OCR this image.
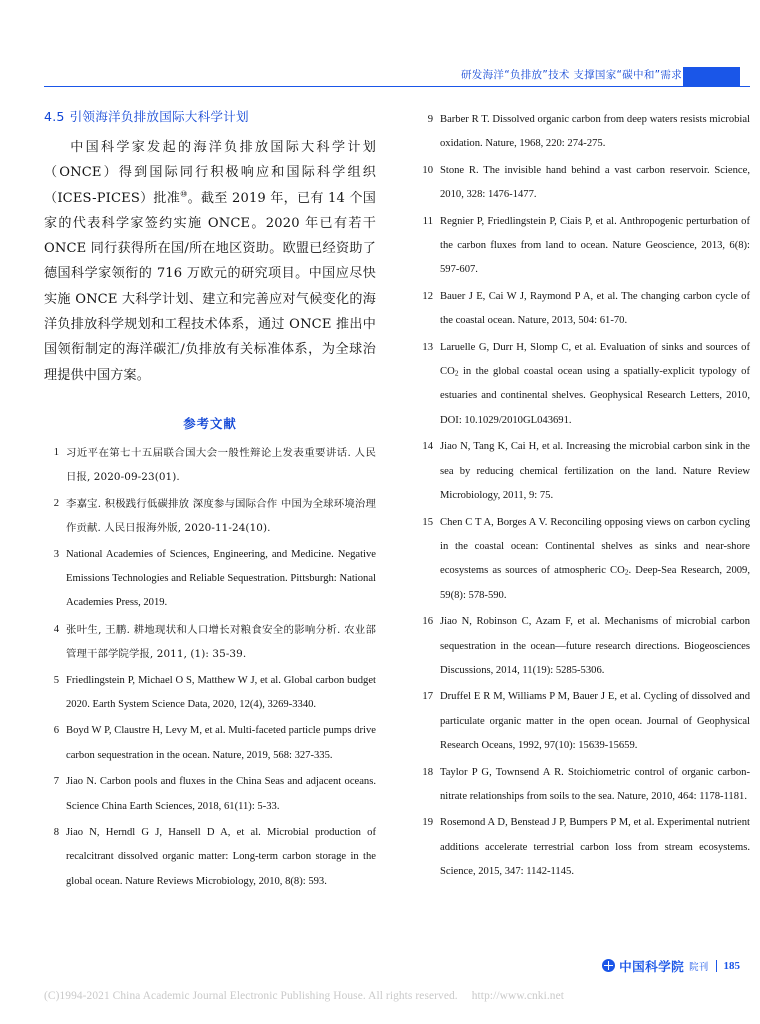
研发海洋“负排放”技术 支撑国家“碳中和”需求
4.5 引领海洋负排放国际大科学计划

中国科学家发起的海洋负排放国际大科学计划（ONCE）得到国际同行积极响应和国际科学组织（ICES-PICES）批准⑩。截至 2019 年，已有 14 个国家的代表科学家签约实施 ONCE。2020 年已有若干 ONCE 同行获得所在国/所在地区资助。欧盟已经资助了德国科学家领衔的 716 万欧元的研究项目。中国应尽快实施 ONCE 大科学计划、建立和完善应对气候变化的海洋负排放科学规划和工程技术体系，通过 ONCE 推出中国领衔制定的海洋碳汇/负排放有关标准体系，为全球治理提供中国方案。

参考文献
1 习近平在第七十五届联合国大会一般性辩论上发表重要讲话. 人民日报, 2020-09-23(01).
2 李嘉宝. 积极践行低碳排放 深度参与国际合作 中国为全球环境治理作贡献. 人民日报海外版, 2020-11-24(10).
3 National Academies of Sciences, Engineering, and Medicine. Negative Emissions Technologies and Reliable Sequestration. Pittsburgh: National Academies Press, 2019.
4 张叶生, 王鹏. 耕地现状和人口增长对粮食安全的影响分析. 农业部管理干部学院学报, 2011, (1): 35-39.
5 Friedlingstein P, Michael O S, Matthew W J, et al. Global carbon budget 2020. Earth System Science Data, 2020, 12(4), 3269-3340.
6 Boyd W P, Claustre H, Levy M, et al. Multi-faceted particle pumps drive carbon sequestration in the ocean. Nature, 2019, 568: 327-335.
7 Jiao N. Carbon pools and fluxes in the China Seas and adjacent oceans. Science China Earth Sciences, 2018, 61(11): 5-33.
8 Jiao N, Herndl G J, Hansell D A, et al. Microbial production of recalcitrant dissolved organic matter: Long-term carbon storage in the global ocean. Nature Reviews Microbiology, 2010, 8(8): 593.
9 Barber R T. Dissolved organic carbon from deep waters resists microbial oxidation. Nature, 1968, 220: 274-275.
10 Stone R. The invisible hand behind a vast carbon reservoir. Science, 2010, 328: 1476-1477.
11 Regnier P, Friedlingstein P, Ciais P, et al. Anthropogenic perturbation of the carbon fluxes from land to ocean. Nature Geoscience, 2013, 6(8): 597-607.
12 Bauer J E, Cai W J, Raymond P A, et al. The changing carbon cycle of the coastal ocean. Nature, 2013, 504: 61-70.
13 Laruelle G, Durr H, Slomp C, et al. Evaluation of sinks and sources of $CO_2$ in the global coastal ocean using a spatially-explicit typology of estuaries and continental shelves. Geophysical Research Letters, 2010, DOI: 10.1029/2010GL043691.
14 Jiao N, Tang K, Cai H, et al. Increasing the microbial carbon sink in the sea by reducing chemical fertilization on the land. Nature Review Microbiology, 2011, 9: 75.
15 Chen C T A, Borges A V. Reconciling opposing views on carbon cycling in the coastal ocean: Continental shelves as sinks and near-shore ecosystems as sources of atmospheric $CO_2$. Deep-Sea Research, 2009, 59(8): 578-590.
16 Jiao N, Robinson C, Azam F, et al. Mechanisms of microbial carbon sequestration in the ocean—future research directions. Biogeosciences Discussions, 2014, 11(19): 5285-5306.
17 Druffel E R M, Williams P M, Bauer J E, et al. Cycling of dissolved and particulate organic matter in the open ocean. Journal of Geophysical Research Oceans, 1992, 97(10): 15639-15659.
18 Taylor P G, Townsend A R. Stoichiometric control of organic carbon-nitrate relationships from soils to the sea. Nature, 2010, 464: 1178-1181.
19 Rosemond A D, Benstead J P, Bumpers P M, et al. Experimental nutrient additions accelerate terrestrial carbon loss from stream ecosystems. Science, 2015, 347: 1142-1145.
中国科学院 院刊 185
(C)1994-2021 China Academic Journal Electronic Publishing House. All rights reserved. http://www.cnki.net
